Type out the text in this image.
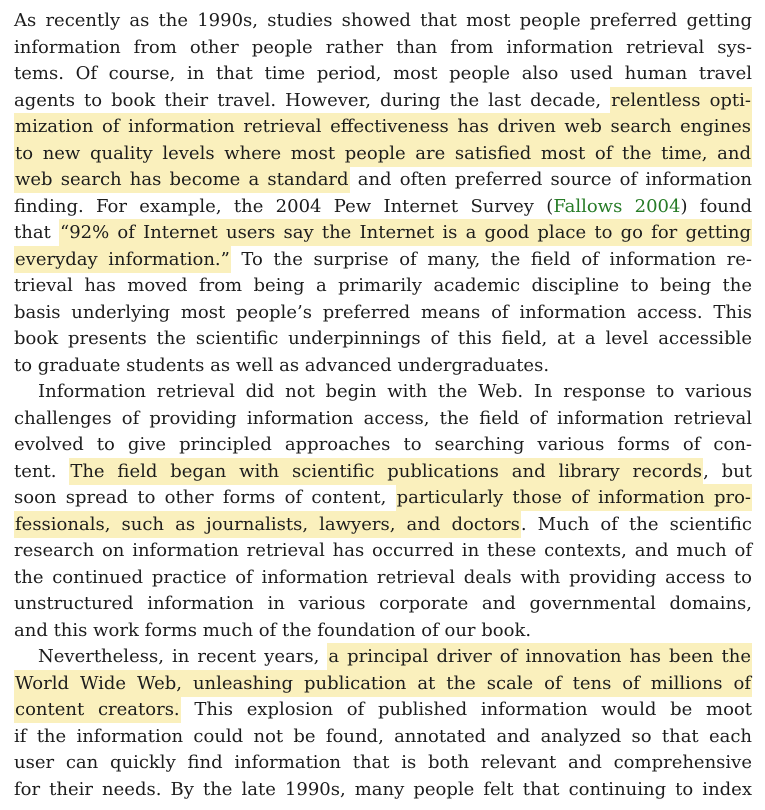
As recently as the 1990s, studies showed that most people preferred getting
information from other people rather than from information retrieval sys-
tems. Of course, in that time period, most people also used human travel
agents to book their travel. However, during the last decade, relentless opti-
mization of information retrieval effectiveness has driven web search engines
to new quality levels where most people are satisfied most of the time, and
web search has become a standard and often preferred source of information
finding. For example, the 2004 Pew Internet Survey (Fallows 2004) found
that “92% of Internet users say the Internet is a good place to go for getting
everyday information.” To the surprise of many, the field of information re-
trieval has moved from being a primarily academic discipline to being the
basis underlying most people’s preferred means of information access. This
book presents the scientific underpinnings of this field, at a level accessible
to graduate students as well as advanced undergraduates.
Information retrieval did not begin with the Web. In response to various
challenges of providing information access, the field of information retrieval
evolved to give principled approaches to searching various forms of con-
tent. The field began with scientific publications and library records, but
soon spread to other forms of content, particularly those of information pro-
fessionals, such as journalists, lawyers, and doctors. Much of the scientific
research on information retrieval has occurred in these contexts, and much of
the continued practice of information retrieval deals with providing access to
unstructured information in various corporate and governmental domains,
and this work forms much of the foundation of our book.
Nevertheless, in recent years, a principal driver of innovation has been the
World Wide Web, unleashing publication at the scale of tens of millions of
content creators. This explosion of published information would be moot
if the information could not be found, annotated and analyzed so that each
user can quickly find information that is both relevant and comprehensive
for their needs. By the late 1990s, many people felt that continuing to index
